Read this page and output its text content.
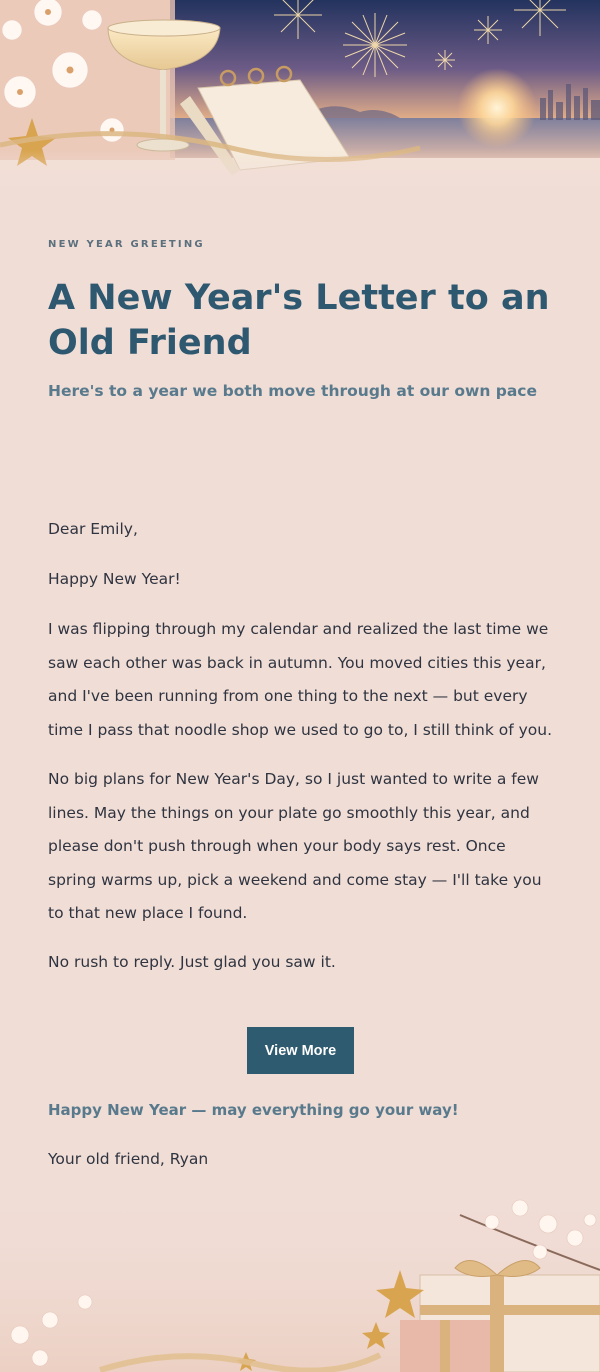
NEW YEAR GREETING
A New Year's Letter to an Old Friend
Here's to a year we both move through at our own pace

Dear Emily,

Happy New Year!

I was flipping through my calendar and realized the last time we saw each other was back in autumn. You moved cities this year, and I've been running from one thing to the next — but every time I pass that noodle shop we used to go to, I still think of you.

No big plans for New Year's Day, so I just wanted to write a few lines. May the things on your plate go smoothly this year, and please don't push through when your body says rest. Once spring warms up, pick a weekend and come stay — I'll take you to that new place I found.

No rush to reply. Just glad you saw it.

View More
Happy New Year — may everything go your way!
Your old friend, Ryan
